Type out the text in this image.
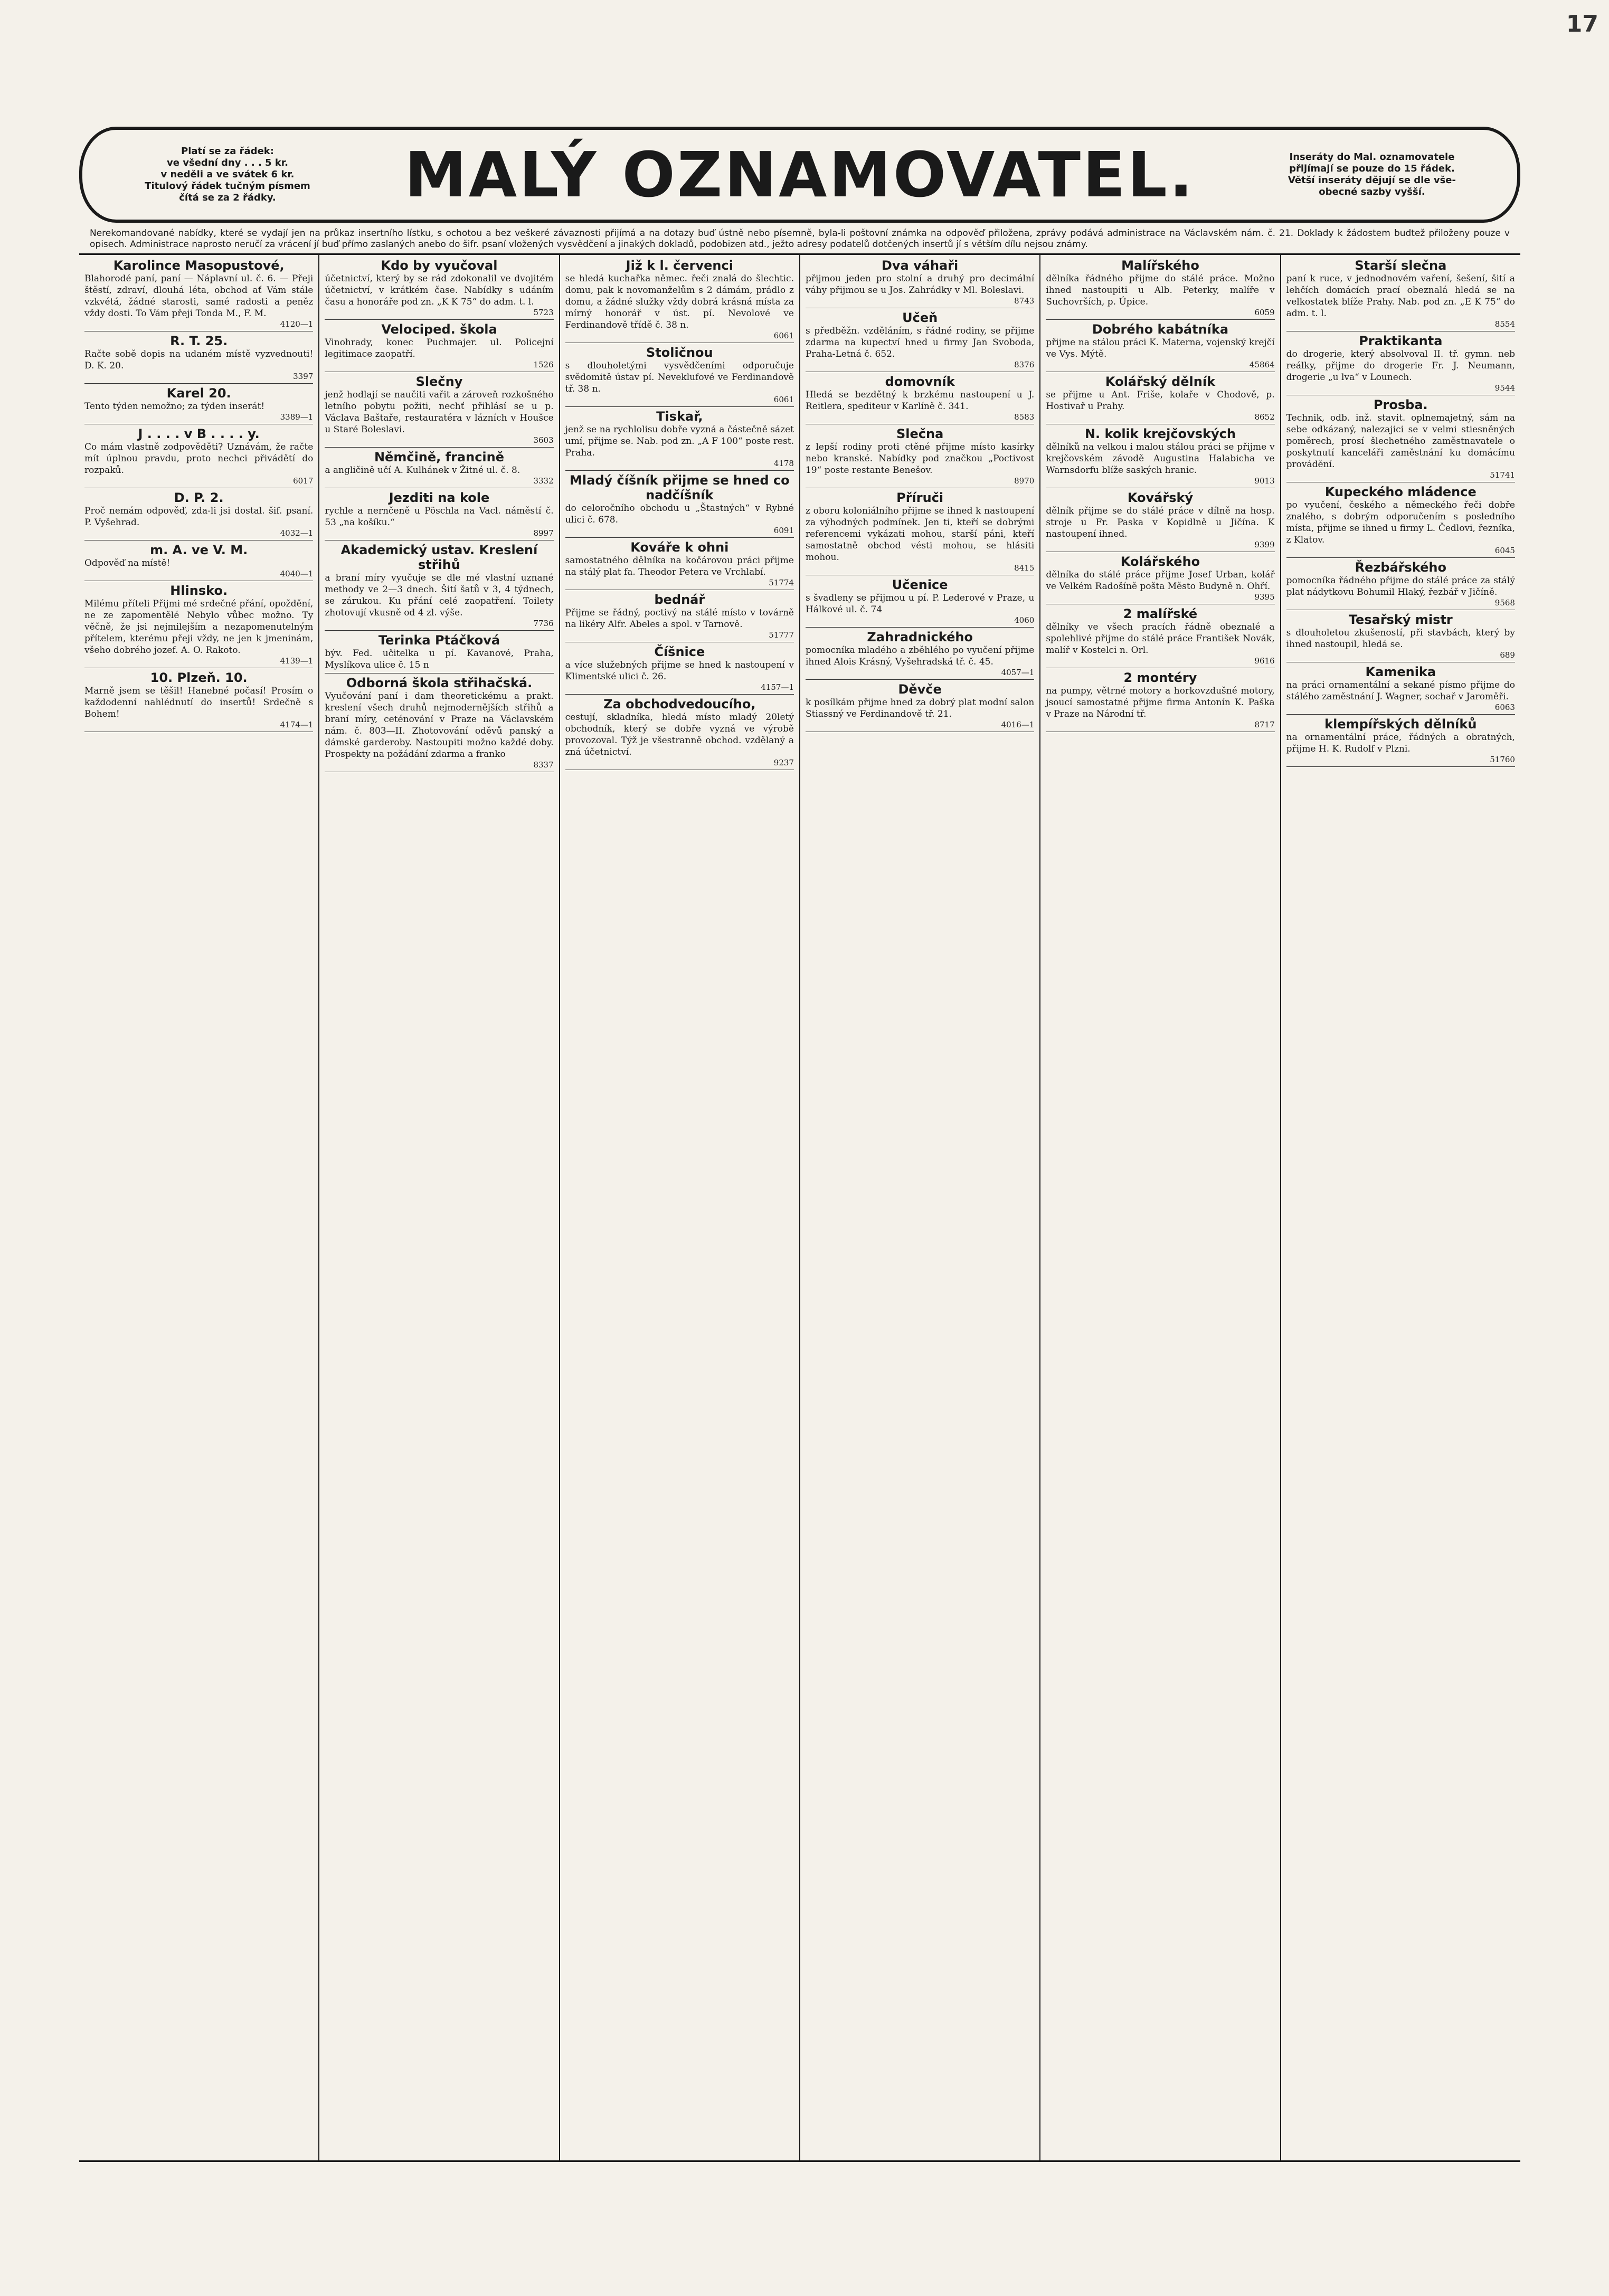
17
Platí se za řádek:
ve všední dny . . . 5 kr.
v neděli a ve svátek 6 kr.
Titulový řádek tučným písmem
čítá se za 2 řádky.	MALÝ OZNAMOVATEL.	Inseráty do Mal. oznamovatele
přijímají se pouze do 15 řádek.
Větší inseráty dějují se dle vše-
obecné sazby vyšší.
Nerekomandované nabídky, které se vydají jen na průkaz insertního lístku, s ochotou a bez veškeré závaznosti přijímá a na dotazy buď ústně nebo písemně, byla-li poštovní známka na odpověď přiložena, zprávy podává administrace na Václavském nám. č. 21. Doklady k žádostem budtež přiloženy pouze v opisech. Administrace naprosto neručí za vrácení jí buď přímo zaslaných anebo do šifr. psaní vložených vysvědčení a jinakých dokladů, podobizen atd., ježto adresy podatelů dotčených insertů jí s větším dílu nejsou známy.
Karolince Masopustové,
Blahorodé paní, paní — Náplavní ul. č. 6. — Přeji štěstí, zdraví, dlouhá léta, obchod ať Vám stále vzkvétá, žádné starosti, samé radosti a peněz vždy dosti. To Vám přeji Tonda M., F. M.
4120—1
R. T. 25.
Račte sobě dopis na udaném místě vyzvednouti! D. K. 20.
3397
Karel 20.
Tento týden nemožno; za týden inserát!
3389—1
J . . . . v B . . . . y.
Co mám vlastně zodpověděti? Uznávám, že račte mít úplnou pravdu, proto nechci přivádětí do rozpaků.
6017
D. P. 2.
Proč nemám odpověď, zda-li jsi dostal. šif. psaní. P. Vyšehrad.
4032—1
m. A. ve V. M.
Odpověď na místě!
4040—1
Hlinsko.
Milému příteli Přijmi mé srdečné přání, opoždění, ne ze zapomentělé Nebylo vůbec možno. Ty věčně, že jsi nejmilejším a nezapomenutelným přítelem, kterému přeji vždy, ne jen k jmeninám, všeho dobrého jozef. A. O. Rakoto.
4139—1
10. Plzeň. 10.
Marně jsem se těšil! Hanebné počasí! Prosím o každodenní nahlédnutí do insertů! Srdečně s Bohem!
4174—1
Kdo by vyučoval
účetnictví, který by se rád zdokonalil ve dvojitém účetnictví, v krátkém čase. Nabídky s udáním času a honoráře pod zn. „K K 75“ do adm. t. l.
5723
Velociped. škola
Vinohrady, konec Puchmajer. ul. Policejní legitimace zaopatří.
1526
Slečny
jenž hodlají se naučiti vařit a zároveň rozkošného letního pobytu požiti, nechť přihlásí se u p. Václava Baštaře, restauratéra v lázních v Houšce u Staré Boleslavi.
3603
Němčině, francině
a angličině učí A. Kulhánek v Žitné ul. č. 8.
3332
Jezditi na kole
rychle a nernčeně u Pöschla na Vacl. náměstí č. 53 „na košíku.“
8997
Akademický ustav. Kreslení střihů
a braní míry vyučuje se dle mé vlastní uznané methody ve 2—3 dnech. Šití šatů v 3, 4 týdnech, se zárukou. Ku přání celé zaopatření. Toilety zhotovují vkusně od 4 zl. výše.
7736
Terinka Ptáčková
býv. Fed. učitelka u pí. Kavanové, Praha, Myslíkova ulice č. 15 n
Odborná škola střihačská.
Vyučování paní i dam theoretickému a prakt. kreslení všech druhů nejmodernějších střihů a braní míry, ceténování v Praze na Václavském nám. č. 803—II. Zhotovování oděvů panský a dámské garderoby. Nastoupiti možno každé doby. Prospekty na požádání zdarma a franko
8337
Již k l. červenci
se hledá kuchařka němec. řeči znalá do šlechtic. domu, pak k novomanželům s 2 dámám, prádlo z domu, a žádné služky vždy dobrá krásná místa za mírný honorář v úst. pí. Nevolové ve Ferdinandově třídě č. 38 n.
6061
Stoličnou
s dlouholetými vysvědčeními odporučuje svědomitě ústav pí. Neveklufové ve Ferdinandově tř. 38 n.
6061
Tiskař,
jenž se na rychlolisu dobře vyzná a částečně sázet umí, přijme se. Nab. pod zn. „A F 100“ poste rest. Praha.
4178
Mladý číšník přijme se hned co nadčíšník
do celoročního obchodu u „Štastných“ v Rybné ulici č. 678.
6091
Kováře k ohni
samostatného dělníka na kočárovou práci přijme na stálý plat fa. Theodor Petera ve Vrchlabí.
51774
bednář
Přijme se řádný, poctivý na stálé místo v továrně na likéry Alfr. Abeles a spol. v Tarnově.
51777
Číšnice
a více služebných přijme se hned k nastoupení v Klimentské ulici č. 26.
4157—1
Za obchodvedoucího,
cestují, skladníka, hledá místo mladý 20letý obchodník, který se dobře vyzná ve výrobě provozoval. Týž je všestranně obchod. vzdělaný a zná účetnictví.
9237
Dva váhaři
přijmou jeden pro stolní a druhý pro decimální váhy přijmou se u Jos. Zahrádky v Ml. Boleslavi.
8743
Učeň
s předběžn. vzděláním, s řádné rodiny, se přijme zdarma na kupectví hned u firmy Jan Svoboda, Praha-Letná č. 652.
8376
domovník
Hledá se bezdětný k brzkému nastoupení u J. Reitlera, spediteur v Karlíně č. 341.
8583
Slečna
z lepší rodiny proti ctěné přijme místo kasírky nebo kranské. Nabídky pod značkou „Poctivost 19“ poste restante Benešov.
8970
Příruči
z oboru koloniálního přijme se ihned k nastoupení za výhodných podmínek. Jen ti, kteří se dobrými referencemi vykázati mohou, starší páni, kteří samostatně obchod vésti mohou, se hlásiti mohou.
8415
Učenice
s švadleny se přijmou u pí. P. Lederové v Praze, u Hálkové ul. č. 74
4060
Zahradnického
pomocníka mladého a zběhlého po vyučení přijme ihned Alois Krásný, Vyšehradská tř. č. 45.
4057—1
Děvče
k posílkám přijme hned za dobrý plat modní salon Stiassný ve Ferdinandově tř. 21.
4016—1
Malířského
dělníka řádného přijme do stálé práce. Možno ihned nastoupiti u Alb. Peterky, malíře v Suchovrších, p. Úpice.
6059
Dobrého kabátníka
přijme na stálou práci K. Materna, vojenský krejčí ve Vys. Mýtě.
45864
Kolářský dělník
se přijme u Ant. Friše, kolaře v Chodově, p. Hostivař u Prahy.
8652
N. kolik krejčovských
dělníků na velkou i malou stálou práci se přijme v krejčovském závodě Augustina Halabicha ve Warnsdorfu blíže saských hranic.
9013
Kovářský
dělník přijme se do stálé práce v dílně na hosp. stroje u Fr. Paska v Kopidlně u Jičína. K nastoupení ihned.
9399
Kolářského
dělníka do stálé práce přijme Josef Urban, kolář ve Velkém Radošíně pošta Město Budyně n. Ohří.
9395
2 malířské
dělníky ve všech pracích řádně obeznalé a spolehlivé přijme do stálé práce František Novák, malíř v Kostelci n. Orl.
9616
2 montéry
na pumpy, větrné motory a horkovzdušné motory, jsoucí samostatné přijme firma Antonín K. Paška v Praze na Národní tř.
8717
Starší slečna
paní k ruce, v jednodnovém vaření, šešení, šití a lehčích domácích prací obeznalá hledá se na velkostatek blíže Prahy. Nab. pod zn. „E K 75“ do adm. t. l.
8554
Praktikanta
do drogerie, který absolvoval II. tř. gymn. neb reálky, přijme do drogerie Fr. J. Neumann, drogerie „u lva“ v Lounech.
9544
Prosba.
Technik, odb. inž. stavit. oplnemajetný, sám na sebe odkázaný, nalezajici se v velmi stiesněných poměrech, prosí šlechetného zaměstnavatele o poskytnutí kanceláři zaměstnání ku domácímu provádění.
51741
Kupeckého mládence
po vyučení, českého a německého řeči dobře znalého, s dobrým odporučením s posledního místa, přijme se ihned u firmy L. Čedlovi, řezníka, z Klatov.
6045
Řezbářského
pomocníka řádného přijme do stálé práce za stálý plat nádytkovu Bohumil Hlaký, řezbář v Jičíně.
9568
Tesařský mistr
s dlouholetou zkušeností, při stavbách, který by ihned nastoupil, hledá se.
689
Kamenika
na práci ornamentální a sekané písmo přijme do stálého zaměstnání J. Wagner, sochař v Jaroměři.
6063
klempířských dělníků
na ornamentální práce, řádných a obratných, přijme H. K. Rudolf v Plzni.
51760
